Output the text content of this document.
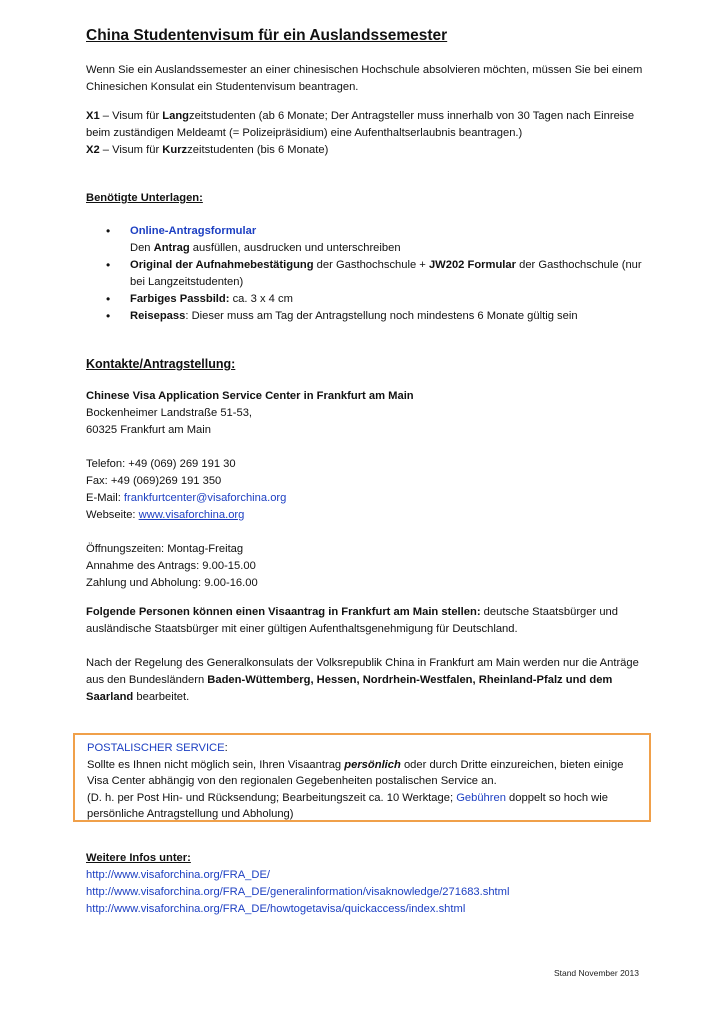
China Studentenvisum für ein Auslandssemester

Wenn Sie ein Auslandssemester an einer chinesischen Hochschule absolvieren möchten, müssen Sie bei einem

Chinesichen Konsulat ein Studentenvisum beantragen.

X1 – Visum für Langzeitstudenten (ab 6 Monate; Der Antragsteller muss innerhalb von 30 Tagen nach Einreise

beim zuständigen Meldeamt (= Polizeipräsidium) eine Aufenthaltserlaubnis beantragen.)

X2 – Visum für Kurzzeitstudenten (bis 6 Monate)

Benötigte Unterlagen:
• Online-Antragsformular

Den Antrag ausfüllen, ausdrucken und unterschreiben

• Original der Aufnahmebestätigung der Gasthochschule + JW202 Formular der Gasthochschule (nur

bei Langzeitstudenten)

• Farbiges Passbild: ca. 3 x 4 cm

• Reisepass: Dieser muss am Tag der Antragstellung noch mindestens 6 Monate gültig sein

Kontakte/Antragstellung:

Chinese Visa Application Service Center in Frankfurt am Main

Bockenheimer Landstraße 51-53,

60325 Frankfurt am Main

Telefon: +49 (069) 269 191 30

Fax: +49 (069)269 191 350

E-Mail: frankfurtcenter@visaforchina.org

Webseite: www.visaforchina.org

Öffnungszeiten: Montag-Freitag

Annahme des Antrags: 9.00-15.00

Zahlung und Abholung: 9.00-16.00

Folgende Personen können einen Visaantrag in Frankfurt am Main stellen: deutsche Staatsbürger und

ausländische Staatsbürger mit einer gültigen Aufenthaltsgenehmigung für Deutschland.

Nach der Regelung des Generalkonsulats der Volksrepublik China in Frankfurt am Main werden nur die Anträge

aus den Bundesländern Baden-Wüttemberg, Hessen, Nordrhein-Westfalen, Rheinland-Pfalz und dem

Saarland bearbeitet.

POSTALISCHER SERVICE:

Sollte es Ihnen nicht möglich sein, Ihren Visaantrag persönlich oder durch Dritte einzureichen, bieten einige

Visa Center abhängig von den regionalen Gegebenheiten postalischen Service an.

(D. h. per Post Hin- und Rücksendung; Bearbeitungszeit ca. 10 Werktage; Gebühren doppelt so hoch wie

persönliche Antragstellung und Abholung)

Weitere Infos unter:

http://www.visaforchina.org/FRA_DE/

http://www.visaforchina.org/FRA_DE/generalinformation/visaknowledge/271683.shtml

http://www.visaforchina.org/FRA_DE/howtogetavisa/quickaccess/index.shtml

Stand November 2013
